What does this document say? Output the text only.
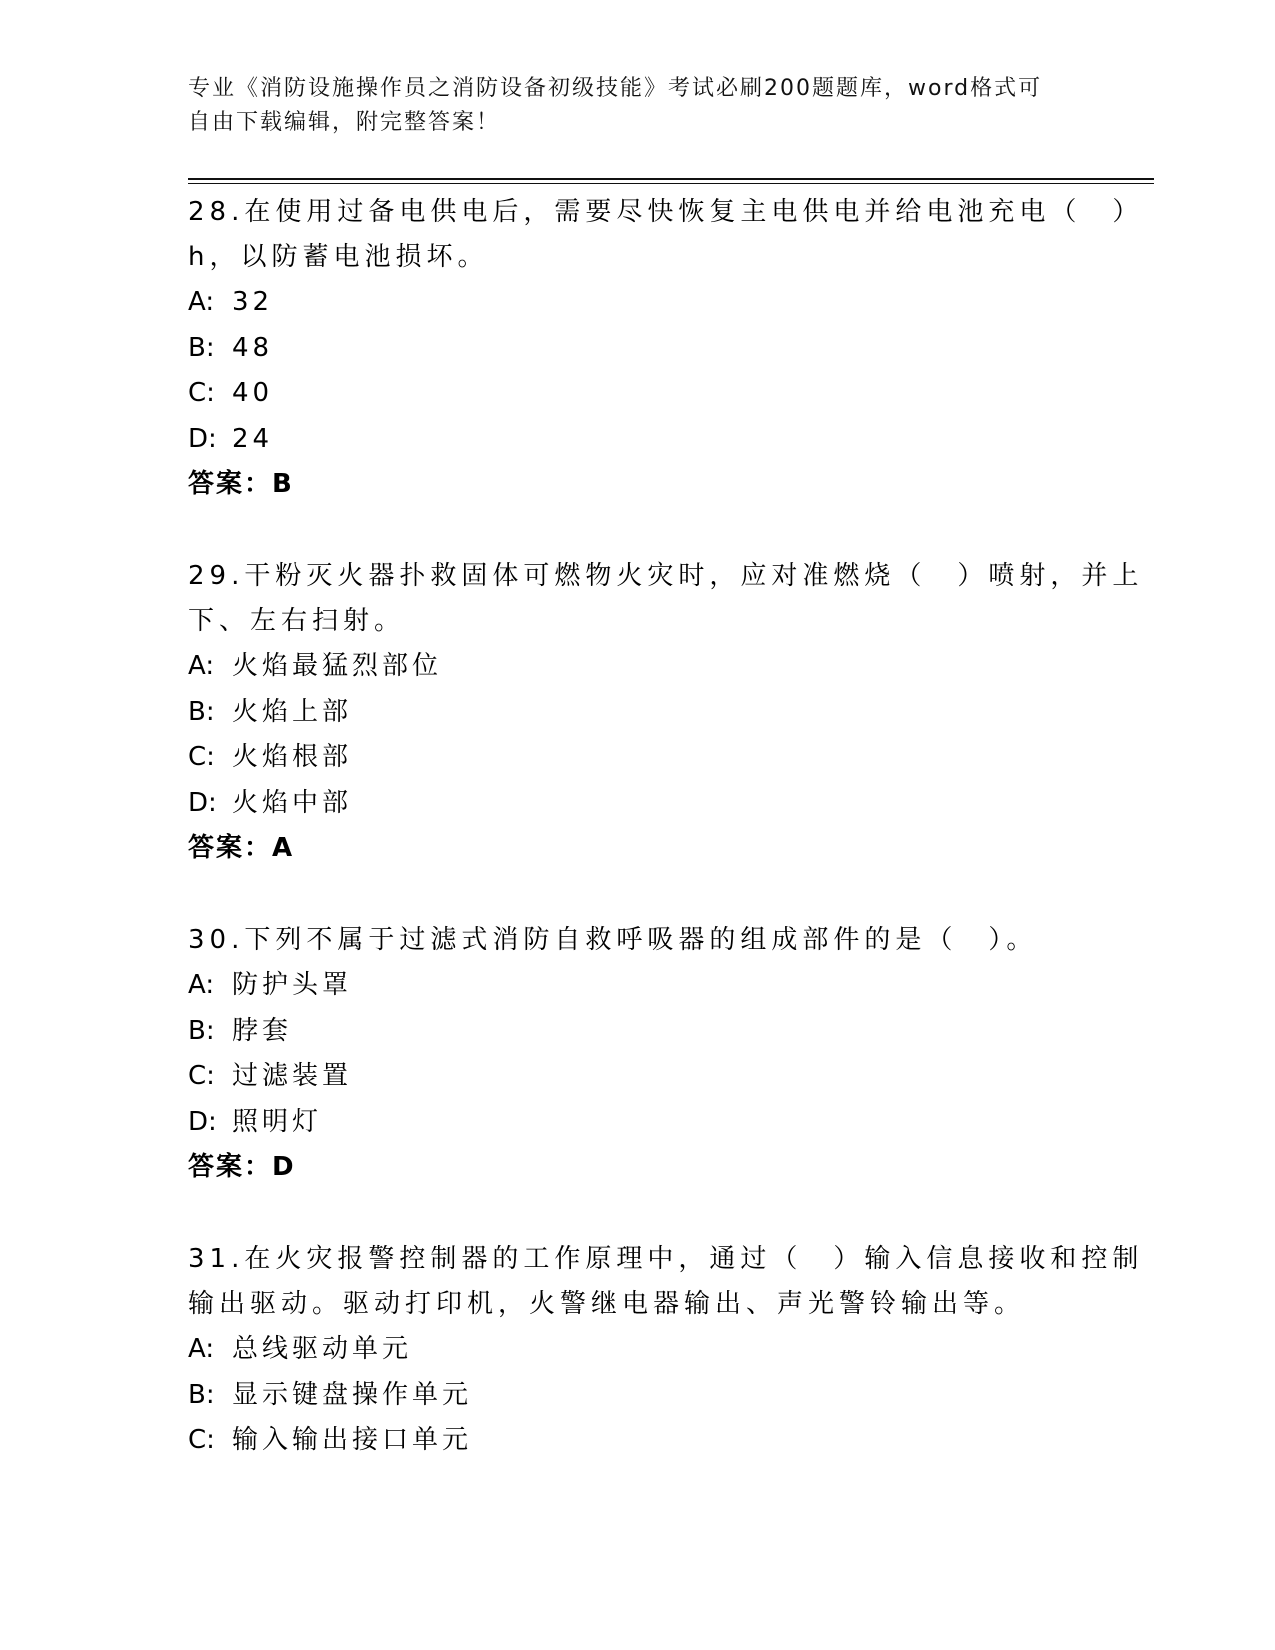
专业《消防设施操作员之消防设备初级技能》考试必刷200题题库，word格式可
自由下载编辑，附完整答案！
28.在使用过备电供电后，需要尽快恢复主电供电并给电池充电（　）
h，以防蓄电池损坏。
A: 32
B: 48
C: 40
D: 24
答案：B
29.干粉灭火器扑救固体可燃物火灾时，应对准燃烧（　）喷射，并上
下、左右扫射。
A: 火焰最猛烈部位
B: 火焰上部
C: 火焰根部
D: 火焰中部
答案：A
30.下列不属于过滤式消防自救呼吸器的组成部件的是（　）。
A: 防护头罩
B: 脖套
C: 过滤装置
D: 照明灯
答案：D
31.在火灾报警控制器的工作原理中，通过（　）输入信息接收和控制
输出驱动。驱动打印机，火警继电器输出、声光警铃输出等。
A: 总线驱动单元
B: 显示键盘操作单元
C: 输入输出接口单元
